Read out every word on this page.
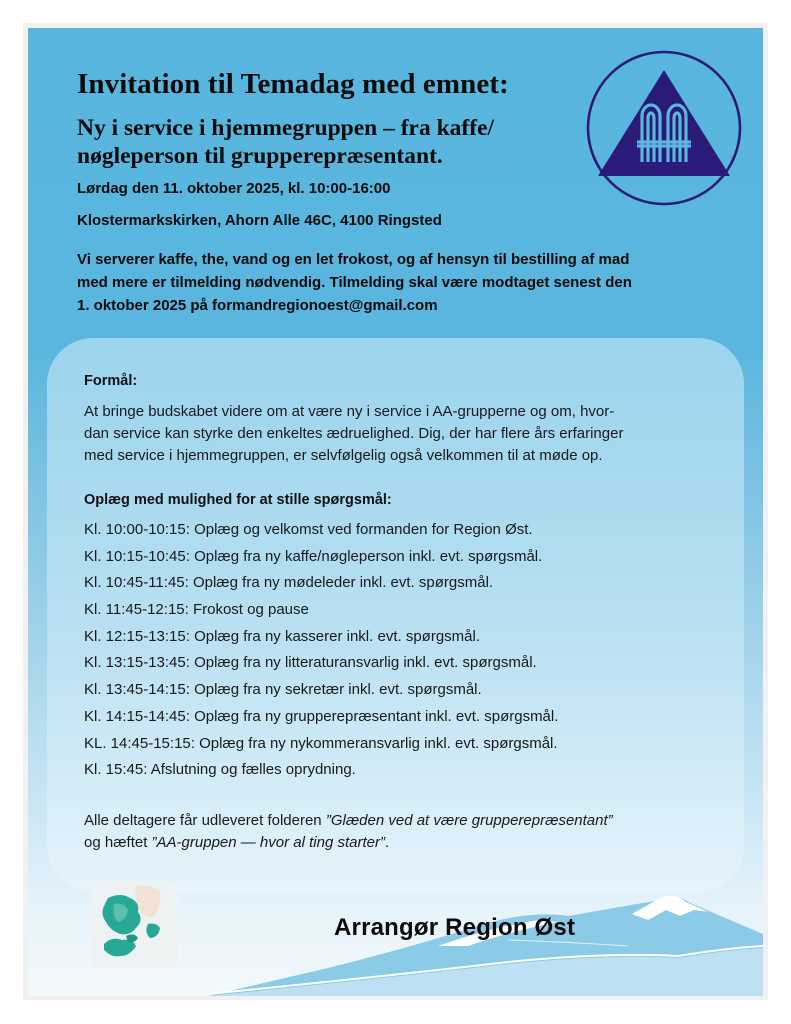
Invitation til Temadag med emnet:
Ny i service i hjemmegruppen – fra kaffe/
nøgleperson til grupperepræsentant.

Lørdag den 11. oktober 2025, kl. 10:00-16:00

Klostermarkskirken, Ahorn Alle 46C, 4100 Ringsted

Vi serverer kaffe, the, vand og en let frokost, og af hensyn til bestilling af mad
med mere er tilmelding nødvendig. Tilmelding skal være modtaget senest den
1. oktober 2025 på formandregionoest@gmail.com
AA

Formål:

At bringe budskabet videre om at være ny i service i AA-grupperne og om, hvor-
dan service kan styrke den enkeltes ædruelighed. Dig, der har flere års erfaringer
med service i hjemmegruppen, er selvfølgelig også velkommen til at møde op.

Oplæg med mulighed for at stille spørgsmål:

Kl. 10:00-10:15: Oplæg og velkomst ved formanden for Region Øst.
Kl. 10:15-10:45: Oplæg fra ny kaffe/nøgleperson inkl. evt. spørgsmål.
Kl. 10:45-11:45: Oplæg fra ny mødeleder inkl. evt. spørgsmål.
Kl. 11:45-12:15: Frokost og pause
Kl. 12:15-13:15: Oplæg fra ny kasserer inkl. evt. spørgsmål.
Kl. 13:15-13:45: Oplæg fra ny litteraturansvarlig inkl. evt. spørgsmål.
Kl. 13:45-14:15: Oplæg fra ny sekretær inkl. evt. spørgsmål.
Kl. 14:15-14:45: Oplæg fra ny grupperepræsentant inkl. evt. spørgsmål.
KL. 14:45-15:15: Oplæg fra ny nykommeransvarlig inkl. evt. spørgsmål.
Kl. 15:45: Afslutning og fælles oprydning.
Alle deltagere får udleveret folderen ”Glæden ved at være grupperepræsentant”
og hæftet ”AA-gruppen — hvor al ting starter”.

Arrangør Region Øst
